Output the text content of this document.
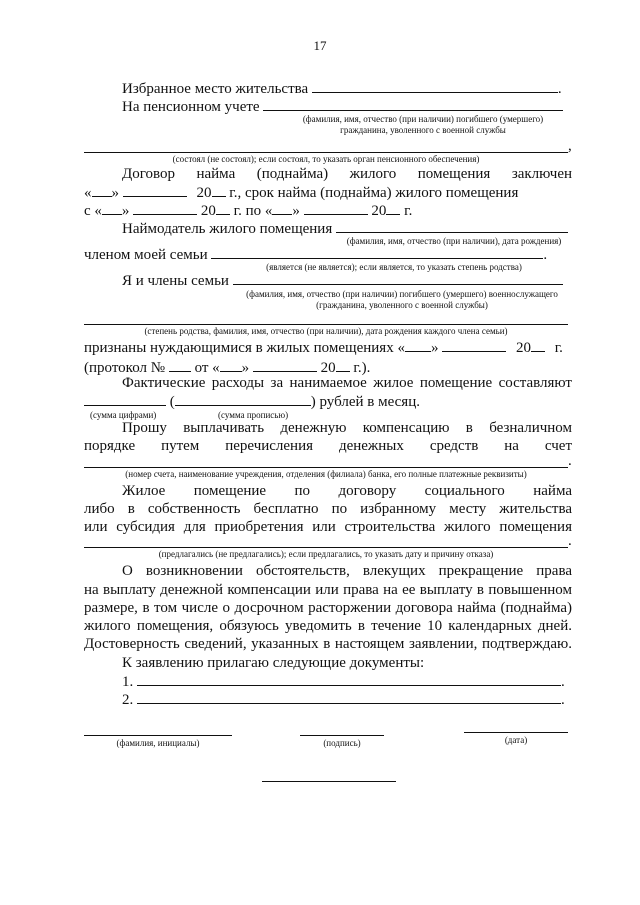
17
Избранное место жительства	.
На пенсионном учете
(фамилия, имя, отчество (при наличии) погибшего (умершего)
гражданина, уволенного с военной службы
,
(состоял (не состоял); если состоял, то указать орган пенсионного обеспечения)
Договор найма (поднайма) жилого помещения заключен
« »	20 г., срок найма (поднайма) жилого помещения
с « »	20 г. по « »	20 г.
Наймодатель жилого помещения
(фамилия, имя, отчество (при наличии), дата рождения)
членом моей семьи	.
(является (не является); если является, то указать степень родства)
Я и члены семьи
(фамилия, имя, отчество (при наличии) погибшего (умершего) военнослужащего
(гражданина, уволенного с военной службы)
(степень родства, фамилия, имя, отчество (при наличии), дата рождения каждого члена семьи)
признаны нуждающимися в жилых помещениях « »	20 г.
(протокол № от « »	20 г.).
Фактические расходы за нанимаемое жилое помещение составляют
(	) рублей в месяц.
(сумма цифрами)	(сумма прописью)
Прошу выплачивать денежную компенсацию в безналичном
порядке путем перечисления денежных средств на счет
.
(номер счета, наименование учреждения, отделения (филиала) банка, его полные платежные реквизиты)
Жилое помещение по договору социального найма
либо в собственность бесплатно по избранному месту жительства
или субсидия для приобретения или строительства жилого помещения
.
(предлагались (не предлагались); если предлагались, то указать дату и причину отказа)
О возникновении обстоятельств, влекущих прекращение права
на выплату денежной компенсации или права на ее выплату в повышенном
размере, в том числе о досрочном расторжении договора найма (поднайма)
жилого помещения, обязуюсь уведомить в течение 10 календарных дней.
Достоверность сведений, указанных в настоящем заявлении, подтверждаю.
К заявлению прилагаю следующие документы:
1.	.
2.	.
(фамилия, инициалы)	(подпись)	(дата)
